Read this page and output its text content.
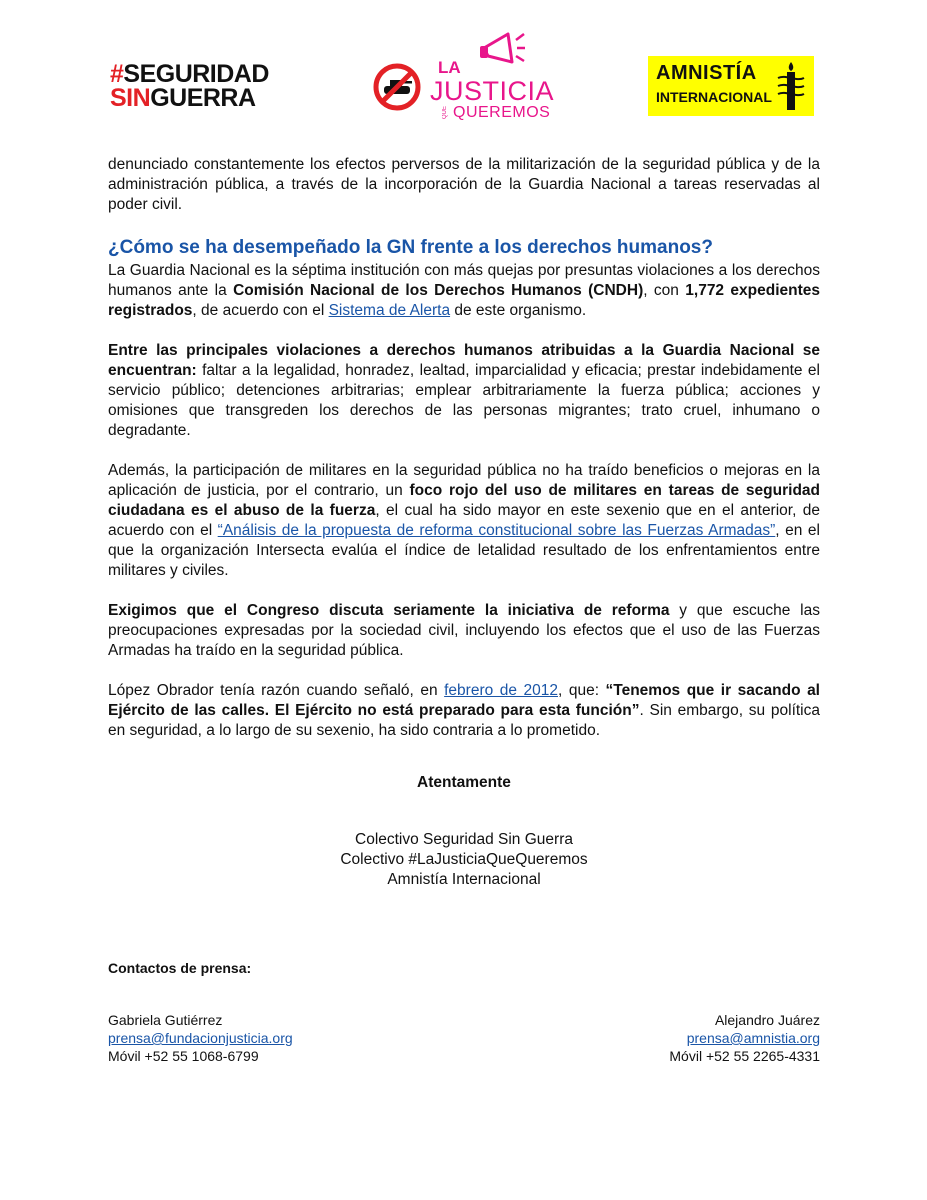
#SEGURIDAD
SINGUERRA
LA
JUSTICIA
QUE QUEREMOS
AMNISTÍA
INTERNACIONAL

denunciado constantemente los efectos perversos de la militarización de la seguridad pública y de la administración pública, a través de la incorporación de la Guardia Nacional a tareas reservadas al poder civil.

¿Cómo se ha desempeñado la GN frente a los derechos humanos?

La Guardia Nacional es la séptima institución con más quejas por presuntas violaciones a los derechos humanos ante la Comisión Nacional de los Derechos Humanos (CNDH), con 1,772 expedientes registrados, de acuerdo con el Sistema de Alerta de este organismo.

Entre las principales violaciones a derechos humanos atribuidas a la Guardia Nacional se encuentran: faltar a la legalidad, honradez, lealtad, imparcialidad y eficacia; prestar indebidamente el servicio público; detenciones arbitrarias; emplear arbitrariamente la fuerza pública; acciones y omisiones que transgreden los derechos de las personas migrantes; trato cruel, inhumano o degradante.

Además, la participación de militares en la seguridad pública no ha traído beneficios o mejoras en la aplicación de justicia, por el contrario, un foco rojo del uso de militares en tareas de seguridad ciudadana es el abuso de la fuerza, el cual ha sido mayor en este sexenio que en el anterior, de acuerdo con el “Análisis de la propuesta de reforma constitucional sobre las Fuerzas Armadas”, en el que la organización Intersecta evalúa el índice de letalidad resultado de los enfrentamientos entre militares y civiles.

Exigimos que el Congreso discuta seriamente la iniciativa de reforma y que escuche las preocupaciones expresadas por la sociedad civil, incluyendo los efectos que el uso de las Fuerzas Armadas ha traído en la seguridad pública.

López Obrador tenía razón cuando señaló, en febrero de 2012, que: “Tenemos que ir sacando al Ejército de las calles. El Ejército no está preparado para esta función”. Sin embargo, su política en seguridad, a lo largo de su sexenio, ha sido contraria a lo prometido.

Atentamente
Colectivo Seguridad Sin Guerra
Colectivo #LaJusticiaQueQueremos
Amnistía Internacional
Contactos de prensa:
Gabriela Gutiérrez
prensa@fundacionjusticia.org
Móvil +52 55 1068-6799
Alejandro Juárez
prensa@amnistia.org
Móvil +52 55 2265-4331
